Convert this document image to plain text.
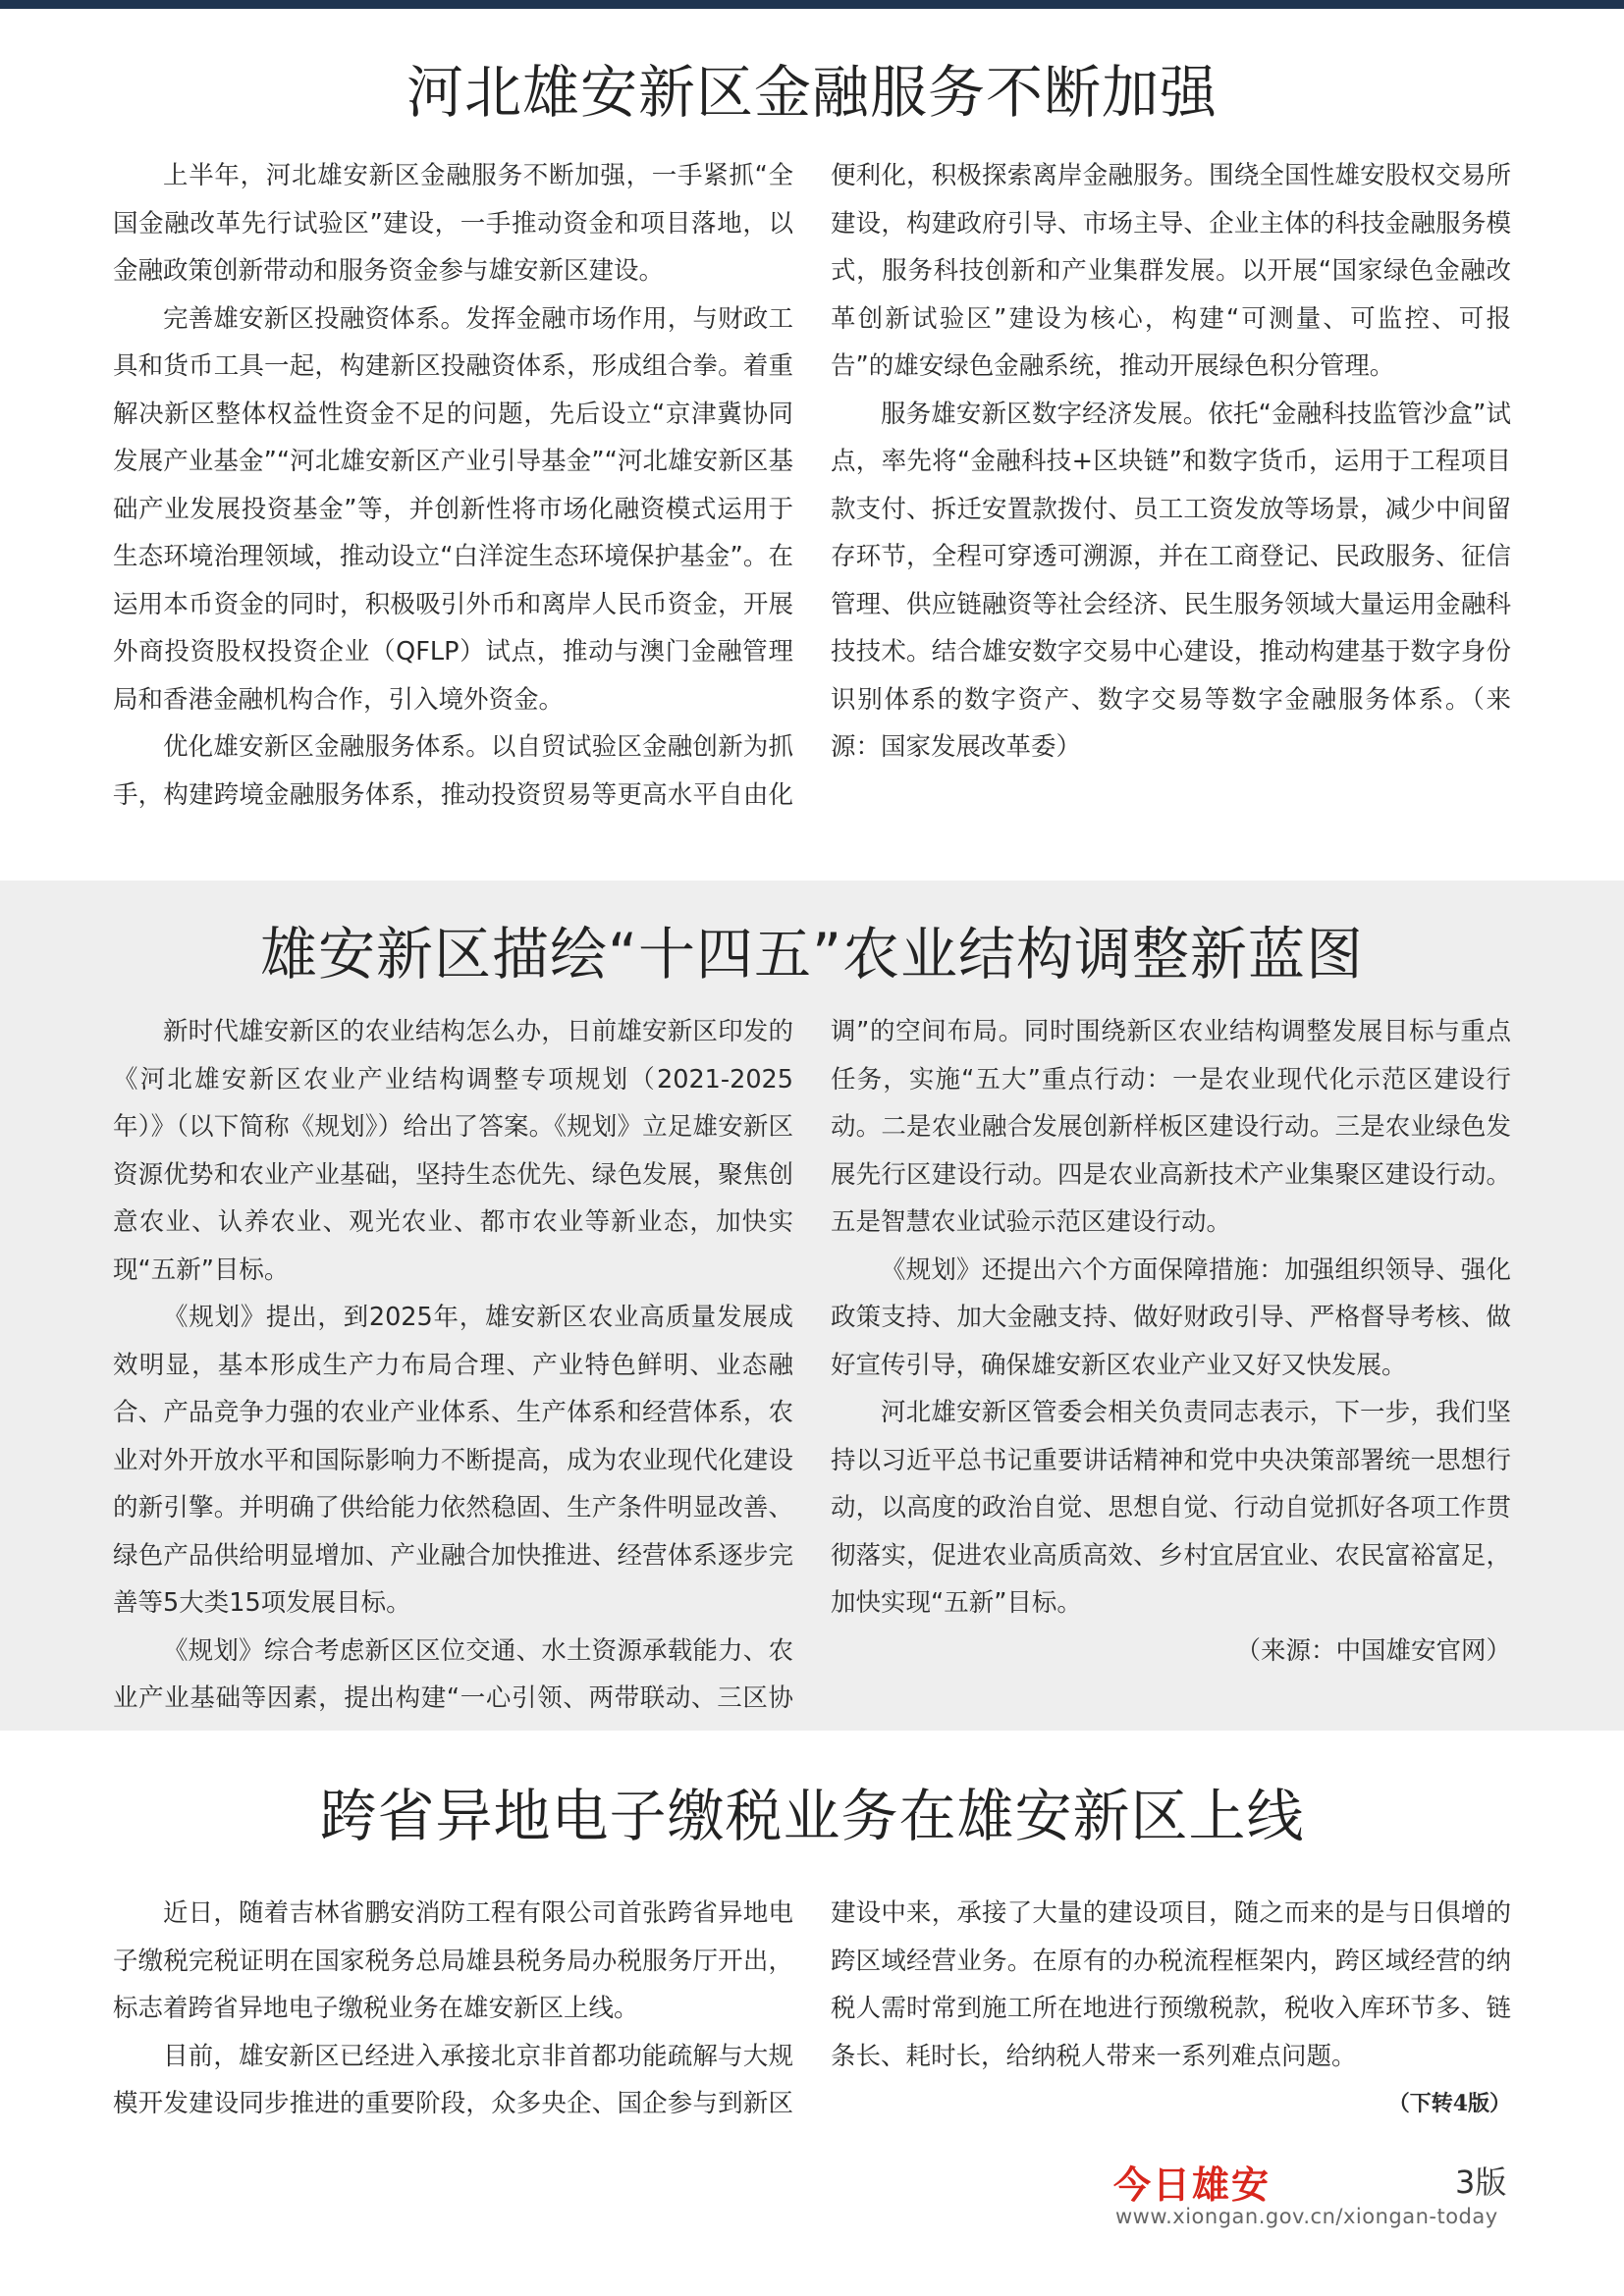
河北雄安新区金融服务不断加强

上半年，河北雄安新区金融服务不断加强，一手紧抓“全国金融改革先行试验区”建设，一手推动资金和项目落地，以金融政策创新带动和服务资金参与雄安新区建设。

完善雄安新区投融资体系。发挥金融市场作用，与财政工具和货币工具一起，构建新区投融资体系，形成组合拳。着重解决新区整体权益性资金不足的问题，先后设立“京津冀协同发展产业基金”“河北雄安新区产业引导基金”“河北雄安新区基础产业发展投资基金”等，并创新性将市场化融资模式运用于生态环境治理领域，推动设立“白洋淀生态环境保护基金”。在运用本币资金的同时，积极吸引外币和离岸人民币资金，开展外商投资股权投资企业（QFLP）试点，推动与澳门金融管理局和香港金融机构合作，引入境外资金。

优化雄安新区金融服务体系。以自贸试验区金融创新为抓手，构建跨境金融服务体系，推动投资贸易等更高水平自由化便利化，积极探索离岸金融服务。围绕全国性雄安股权交易所建设，构建政府引导、市场主导、企业主体的科技金融服务模式，服务科技创新和产业集群发展。以开展“国家绿色金融改革创新试验区”建设为核心，构建“可测量、可监控、可报告”的雄安绿色金融系统，推动开展绿色积分管理。

服务雄安新区数字经济发展。依托“金融科技监管沙盒”试点，率先将“金融科技+区块链”和数字货币，运用于工程项目款支付、拆迁安置款拨付、员工工资发放等场景，减少中间留存环节，全程可穿透可溯源，并在工商登记、民政服务、征信管理、供应链融资等社会经济、民生服务领域大量运用金融科技技术。结合雄安数字交易中心建设，推动构建基于数字身份识别体系的数字资产、数字交易等数字金融服务体系。（来源：国家发展改革委）

雄安新区描绘“十四五”农业结构调整新蓝图

新时代雄安新区的农业结构怎么办，日前雄安新区印发的《河北雄安新区农业产业结构调整专项规划（2021-2025年）》（以下简称《规划》）给出了答案。《规划》立足雄安新区资源优势和农业产业基础，坚持生态优先、绿色发展，聚焦创意农业、认养农业、观光农业、都市农业等新业态，加快实现“五新”目标。

《规划》提出，到2025年，雄安新区农业高质量发展成效明显，基本形成生产力布局合理、产业特色鲜明、业态融合、产品竞争力强的农业产业体系、生产体系和经营体系，农业对外开放水平和国际影响力不断提高，成为农业现代化建设的新引擎。并明确了供给能力依然稳固、生产条件明显改善、绿色产品供给明显增加、产业融合加快推进、经营体系逐步完善等5大类15项发展目标。

《规划》综合考虑新区区位交通、水土资源承载能力、农业产业基础等因素，提出构建“一心引领、两带联动、三区协调”的空间布局。同时围绕新区农业结构调整发展目标与重点任务，实施“五大”重点行动：一是农业现代化示范区建设行动。二是农业融合发展创新样板区建设行动。三是农业绿色发展先行区建设行动。四是农业高新技术产业集聚区建设行动。五是智慧农业试验示范区建设行动。

《规划》还提出六个方面保障措施：加强组织领导、强化政策支持、加大金融支持、做好财政引导、严格督导考核、做好宣传引导，确保雄安新区农业产业又好又快发展。

河北雄安新区管委会相关负责同志表示，下一步，我们坚持以习近平总书记重要讲话精神和党中央决策部署统一思想行动，以高度的政治自觉、思想自觉、行动自觉抓好各项工作贯彻落实，促进农业高质高效、乡村宜居宜业、农民富裕富足，加快实现“五新”目标。

（来源：中国雄安官网）

跨省异地电子缴税业务在雄安新区上线

近日，随着吉林省鹏安消防工程有限公司首张跨省异地电子缴税完税证明在国家税务总局雄县税务局办税服务厅开出，标志着跨省异地电子缴税业务在雄安新区上线。

目前，雄安新区已经进入承接北京非首都功能疏解与大规模开发建设同步推进的重要阶段，众多央企、国企参与到新区建设中来，承接了大量的建设项目，随之而来的是与日俱增的跨区域经营业务。在原有的办税流程框架内，跨区域经营的纳税人需时常到施工所在地进行预缴税款，税收入库环节多、链条长、耗时长，给纳税人带来一系列难点问题。

（下转4版）

今日雄安	3版
www.xiongan.gov.cn/xiongan-today
